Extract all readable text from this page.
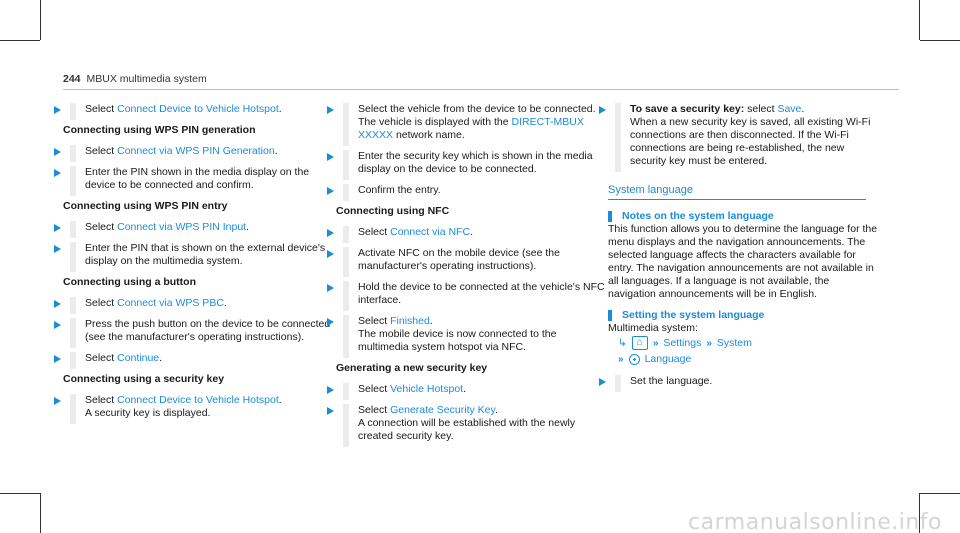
244 MBUX multimedia system
Select Connect Device to Vehicle Hotspot.
Connecting using WPS PIN generation
Select Connect via WPS PIN Generation.
Enter the PIN shown in the media display on the device to be connected and confirm.
Connecting using WPS PIN entry
Select Connect via WPS PIN Input.
Enter the PIN that is shown on the external device's display on the multimedia system.
Connecting using a button
Select Connect via WPS PBC.
Press the push button on the device to be connected (see the manufacturer's operating instructions).
Select Continue.
Connecting using a security key
Select Connect Device to Vehicle Hotspot.
A security key is displayed.
Select the vehicle from the device to be connected. The vehicle is displayed with the DIRECT-MBUX XXXXX network name.
Enter the security key which is shown in the media display on the device to be connected.
Confirm the entry.
Connecting using NFC
Select Connect via NFC.
Activate NFC on the mobile device (see the manufacturer's operating instructions).
Hold the device to be connected at the vehicle's NFC interface.
Select Finished.
The mobile device is now connected to the multimedia system hotspot via NFC.
Generating a new security key
Select Vehicle Hotspot.
Select Generate Security Key.
A connection will be established with the newly created security key.
To save a security key: select Save.
When a new security key is saved, all existing Wi-Fi connections are then disconnected. If the Wi-Fi connections are being re-established, the new security key must be entered.
System language
Notes on the system language
This function allows you to determine the language for the menu displays and the navigation announcements. The selected language affects the characters available for entry. The navigation announcements are not available in all languages. If a language is not available, the navigation announcements will be in English.
Setting the system language
Multimedia system:
↳ ⌂ » Settings » System
» Language
Set the language.
carmanualsonline.info
